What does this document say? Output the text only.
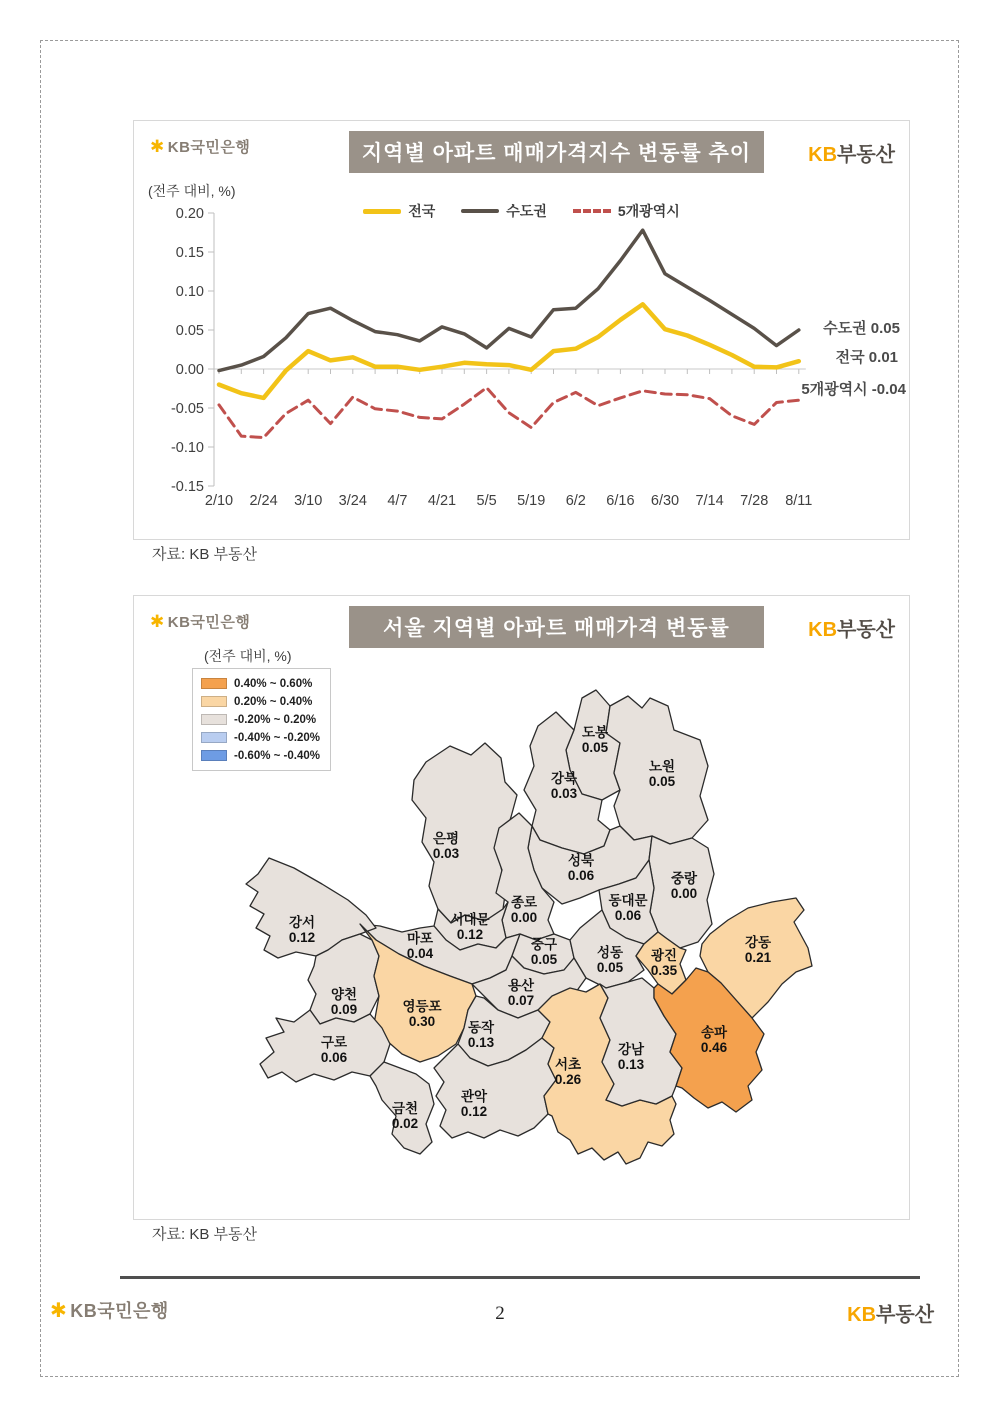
✱ KB국민은행	지역별 아파트 매매가격지수 변동률 추이	KB부동산
(전주 대비, %)
전국	수도권	5개광역시
0.20
0.15
0.10
0.05
0.00
-0.05
-0.10
-0.15
2/10 2/24 3/10 3/24 4/7 4/21 5/5 5/19 6/2 6/16 6/30 7/14 7/28 8/11
수도권 0.05
전국 0.01
5개광역시 -0.04
자료: KB 부동산
✱ KB국민은행	서울 지역별 아파트 매매가격 변동률	KB부동산
(전주 대비, %)
0.40% ~ 0.60%
0.20% ~ 0.40%
-0.20% ~ 0.20%
-0.40% ~ -0.20%
-0.60% ~ -0.40%
도봉
0.05
노원
0.05
강북
0.03
은평
0.03	성북
0.06	중랑
0.00
종로
0.00
서대문
0.12
동대문
0.06
마포
0.04
중구
0.05	성동
0.05
광진
0.35
강동
0.21
강서
0.12
용산
0.07
양천
0.09	영등포
0.30 동작
0.13
구로
0.06
금천
0.02
관악
0.12
서초
0.26
강남
0.13
송파
0.46
자료: KB 부동산
✱ KB국민은행	2	KB부동산
